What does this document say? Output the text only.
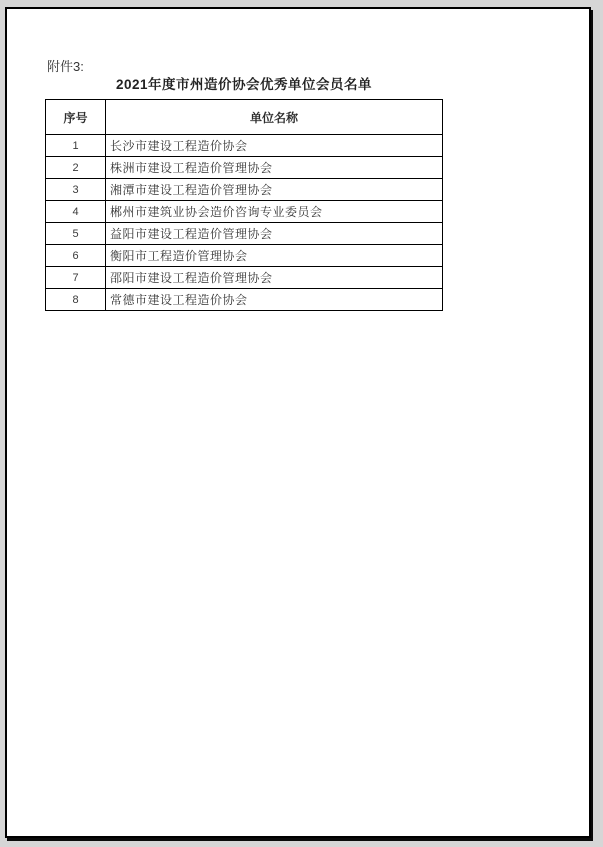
附件3:
2021年度市州造价协会优秀单位会员名单
序号	单位名称
1	长沙市建设工程造价协会
2	株洲市建设工程造价管理协会
3	湘潭市建设工程造价管理协会
4	郴州市建筑业协会造价咨询专业委员会
5	益阳市建设工程造价管理协会
6	衡阳市工程造价管理协会
7	邵阳市建设工程造价管理协会
8	常德市建设工程造价协会
